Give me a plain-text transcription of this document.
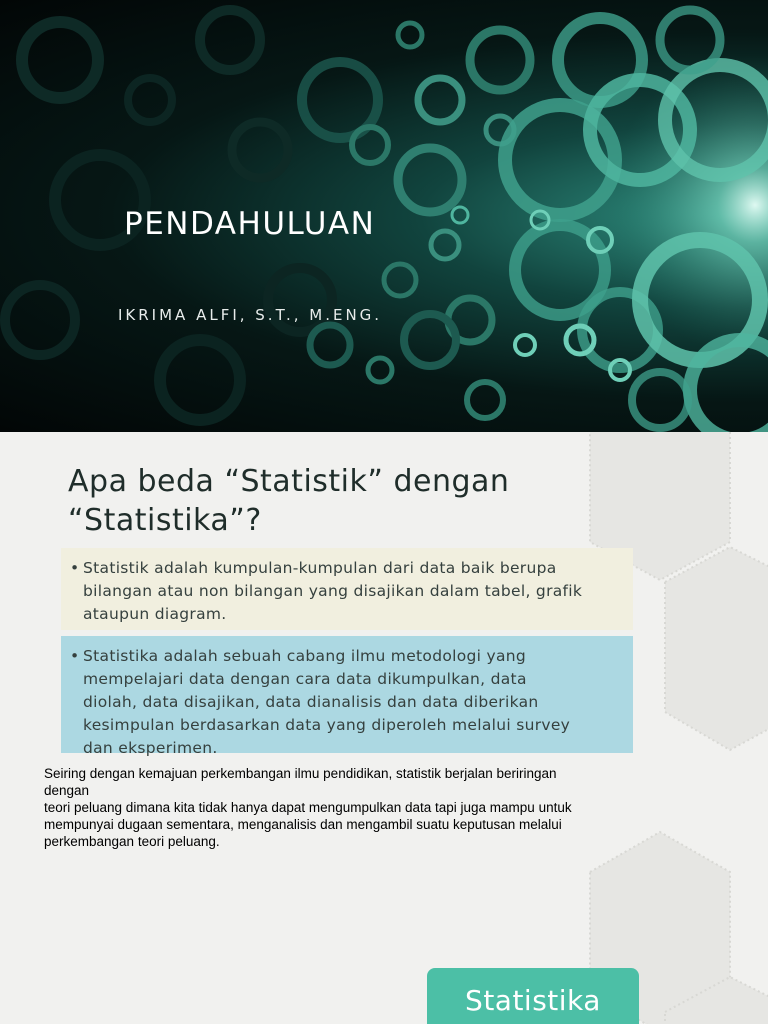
PENDAHULUAN
IKRIMA ALFI, S.T., M.ENG.
Apa beda “Statistik” dengan
“Statistika”?
• Statistik adalah kumpulan-kumpulan dari data baik berupa
bilangan atau non bilangan yang disajikan dalam tabel, grafik
ataupun diagram.
• Statistika adalah sebuah cabang ilmu metodologi yang
mempelajari data dengan cara data dikumpulkan, data
diolah, data disajikan, data dianalisis dan data diberikan
kesimpulan berdasarkan data yang diperoleh melalui survey
dan eksperimen.
Seiring dengan kemajuan perkembangan ilmu pendidikan, statistik berjalan beriringan
dengan
teori peluang dimana kita tidak hanya dapat mengumpulkan data tapi juga mampu untuk
mempunyai dugaan sementara, menganalisis dan mengambil suatu keputusan melalui
perkembangan teori peluang.
Statistika
